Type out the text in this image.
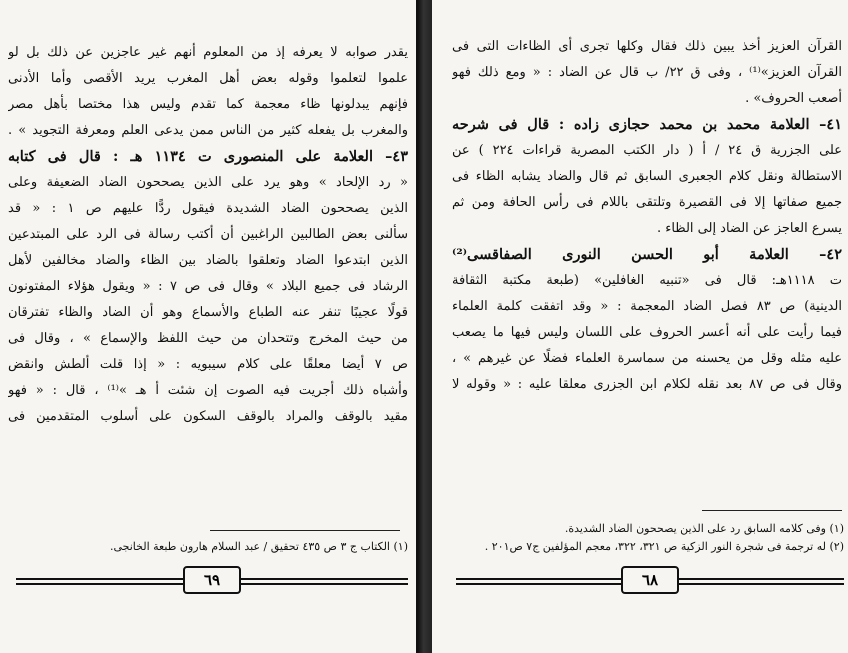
يقدر صوابه لا يعرفه إذ من المعلوم أنهم غير عاجزين عن ذلك بل لو
علموا لتعلموا وقوله بعض أهل المغرب يريد الأقصى وأما الأدنى
فإنهم يبدلونها ظاء معجمة كما تقدم وليس هذا مختصا بأهل مصر
والمغرب بل يفعله كثير من الناس ممن يدعى العلم ومعرفة التجويد » .
٤٣– العلامة على المنصورى ت ١١٣٤ هـ : قال فى كتابه
« رد الإلحاد » وهو يرد على الذين يصححون الضاد الضعيفة وعلى
الذين يصححون الضاد الشديدة فيقول ردًّا عليهم ص ١ : « قد
سألنى بعض الطالبين الراغبين أن أكتب رسالة فى الرد على المبتدعين
الذين ابتدعوا الضاد وتعلقوا بالضاد بين الظاء والضاد مخالفين لأهل
الرشاد فى جميع البلاد » وقال فى ص ٧ : « ويقول هؤلاء المفتونون
قولًا عجيبًا تنفر عنه الطباع والأسماع وهو أن الضاد والظاء تفترقان
من حيث المخرج وتتحدان من حيث اللفظ والإسماع » ، وقال فى
ص ٧ أيضا معلقًا على كلام سيبويه : « إذا قلت ألطش وانقض
وأشباه ذلك أجريت فيه الصوت إن شئت أ هـ »⁽¹⁾ ، قال : « فهو
مقيد بالوقف والمراد بالوقف السكون على أسلوب المتقدمين فى
(١) الكتاب ج ٣ ص ٤٣٥ تحقيق / عبد السلام هارون طبعة الخانجى.
٦٩
القرآن العزيز أخذ يبين ذلك فقال وكلها تجرى أى الظاءات التى فى
القرآن العزيز»⁽¹⁾ ، وفى ق ٢٢/ ب قال عن الضاد : « ومع ذلك فهو
أصعب الحروف» .
٤١– العلامة محمد بن محمد حجازى زاده : قال فى شرحه
على الجزرية ق ٢٤ / أ ( دار الكتب المصرية قراءات ٢٢٤ ) عن
الاستطالة ونقل كلام الجعبرى السابق ثم قال والضاد يشابه الظاء فى
جميع صفاتها إلا فى القصيرة وتلتقى باللام فى رأس الحافة ومن ثم
يسرع العاجز عن الضاد إلى الظاء .
٤٢– العلامة أبو الحسن النورى الصفاقسى⁽²⁾
ت ١١١٨هـ: قال فى «تنبيه الغافلين» (طبعة مكتبة الثقافة
الدينية) ص ٨٣ فصل الضاد المعجمة : « وقد اتفقت كلمة العلماء
فيما رأيت على أنه أعسر الحروف على اللسان وليس فيها ما يصعب
عليه مثله وقل من يحسنه من سماسرة العلماء فضلًا عن غيرهم » ،
وقال فى ص ٨٧ بعد نقله لكلام ابن الجزرى معلقا عليه : « وقوله لا
(١) وفى كلامه السابق رد على الذين يصححون الضاد الشديدة.
(٢) له ترجمة فى شجرة النور الزكية ص ٣٢١، ٣٢٢، معجم المؤلفين ج٧ ص٢٠١ .
٦٨
